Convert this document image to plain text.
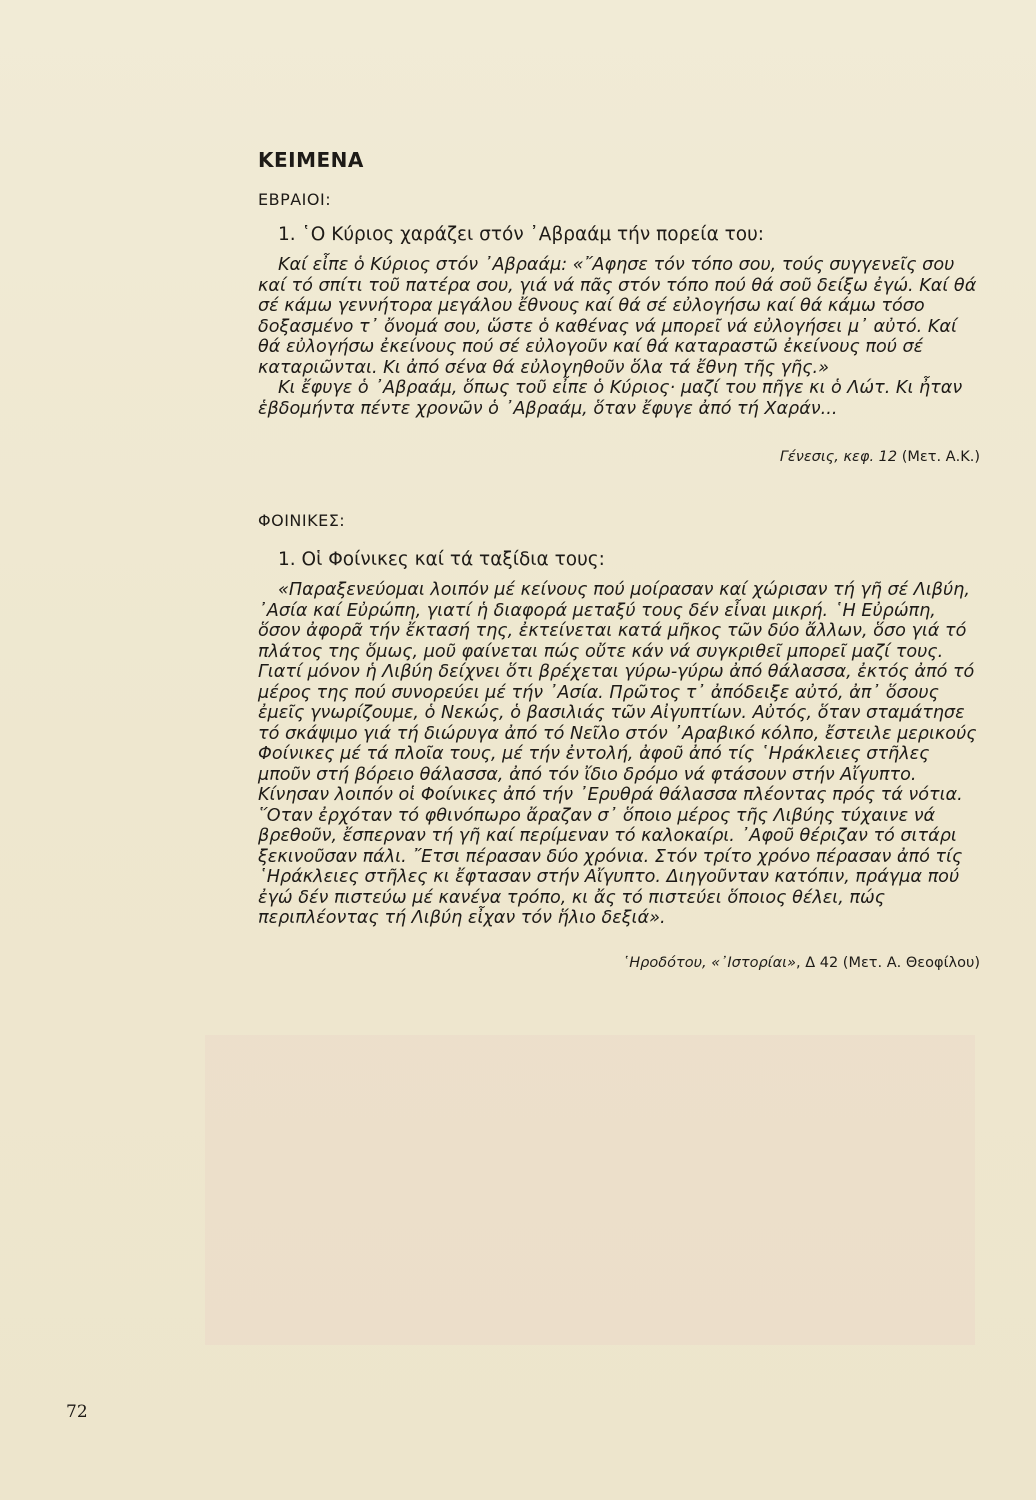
ΚΕΙΜΕΝΑ
ΕΒΡΑΙΟΙ:
1. ῾Ο Κύριος χαράζει στόν ᾿Αβραάμ τήν πορεία του:

Καί εἶπε ὁ Κύριος στόν ᾿Αβραάμ: «῎Αφησε τόν τόπο σου, τούς συγγενεῖς σου καί τό σπίτι τοῦ πατέρα σου, γιά νά πᾶς στόν τόπο πού θά σοῦ δείξω ἐγώ. Καί θά σέ κάμω γεννήτορα μεγάλου ἔθνους καί θά σέ εὐλογήσω καί θά κάμω τόσο δοξασμένο τ᾿ ὄνομά σου, ὥστε ὁ καθένας νά μπορεῖ νά εὐλογήσει μ᾿ αὐτό. Καί θά εὐλογήσω ἐκείνους πού σέ εὐλογοῦν καί θά καταραστῶ ἐκείνους πού σέ καταριῶνται. Κι ἀπό σένα θά εὐλογηθοῦν ὅλα τά ἔθνη τῆς γῆς.»

Κι ἔφυγε ὁ ᾿Αβραάμ, ὅπως τοῦ εἶπε ὁ Κύριος· μαζί του πῆγε κι ὁ Λώτ. Κι ἦταν ἑβδομήντα πέντε χρονῶν ὁ ᾿Αβραάμ, ὅταν ἔφυγε ἀπό τή Χαράν...

Γένεσις, κεφ. 12 (Μετ. Α.Κ.)
ΦΟΙΝΙΚΕΣ:
1. Οἱ Φοίνικες καί τά ταξίδια τους:

«Παραξενεύομαι λοιπόν μέ κείνους πού μοίρασαν καί χώρισαν τή γῆ σέ Λιβύη, ᾿Ασία καί Εὐρώπη, γιατί ἡ διαφορά μεταξύ τους δέν εἶναι μικρή. ῾Η Εὐρώπη, ὅσον ἀφορᾶ τήν ἔκτασή της, ἐκτείνεται κατά μῆκος τῶν δύο ἄλλων, ὅσο γιά τό πλάτος της ὅμως, μοῦ φαίνεται πώς οὔτε κάν νά συγκριθεῖ μπορεῖ μαζί τους. Γιατί μόνον ἡ Λιβύη δείχνει ὅτι βρέχεται γύρω-γύρω ἀπό θάλασσα, ἐκτός ἀπό τό μέρος της πού συνορεύει μέ τήν ᾿Ασία. Πρῶτος τ᾿ ἀπόδειξε αὐτό, ἀπ᾿ ὅσους ἐμεῖς γνωρίζουμε, ὁ Νεκώς, ὁ βασιλιάς τῶν Αἰγυπτίων. Αὐτός, ὅταν σταμάτησε τό σκάψιμο γιά τή διώρυγα ἀπό τό Νεῖλο στόν ᾿Αραβικό κόλπο, ἔστειλε μερικούς Φοίνικες μέ τά πλοῖα τους, μέ τήν ἐντολή, ἀφοῦ ἀπό τίς ῾Ηράκλειες στῆλες μποῦν στή βόρειο θάλασσα, ἀπό τόν ἴδιο δρόμο νά φτάσουν στήν Αἴγυπτο. Κίνησαν λοιπόν οἱ Φοίνικες ἀπό τήν ᾿Ερυθρά θάλασσα πλέοντας πρός τά νότια. ῞Οταν ἐρχόταν τό φθινόπωρο ἄραζαν σ᾿ ὅποιο μέρος τῆς Λιβύης τύχαινε νά βρεθοῦν, ἔσπερναν τή γῆ καί περίμεναν τό καλοκαίρι. ᾿Αφοῦ θέριζαν τό σιτάρι ξεκινοῦσαν πάλι. ῎Ετσι πέρασαν δύο χρόνια. Στόν τρίτο χρόνο πέρασαν ἀπό τίς ῾Ηράκλειες στῆλες κι ἔφτασαν στήν Αἴγυπτο. Διηγοῦνταν κατόπιν, πράγμα πού ἐγώ δέν πιστεύω μέ κανένα τρόπο, κι ἄς τό πιστεύει ὅποιος θέλει, πώς περιπλέοντας τή Λιβύη εἶχαν τόν ἥλιο δεξιά».

῾Ηροδότου, «᾿Ιστορίαι», Δ 42 (Μετ. Α. Θεοφίλου)
72
